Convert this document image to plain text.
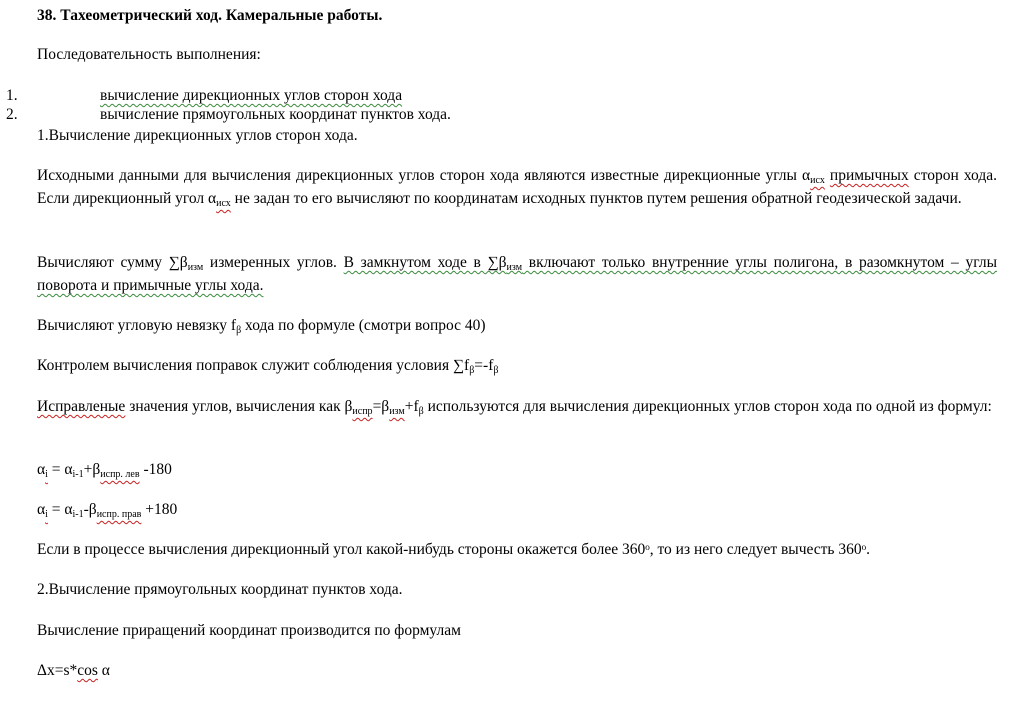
38. Тахеометрический ход. Камеральные работы.

Последовательность выполнения:

1.	вычисление дирекционных углов сторон хода
2.	вычисление прямоугольных координат пунктов хода.

1.Вычисление дирекционных углов сторон хода.

Исходными данными для вычисления дирекционных углов сторон хода являются известные дирекционные углы $\alpha_{исх}$ примычных сторон хода. Если дирекционный угол $\alpha_{исх}$ не задан то его вычисляют по координатам исходных пунктов путем решения обратной геодезической задачи.

Вычисляют сумму $\sum\beta_{изм}$ измеренных углов. В замкнутом ходе в $\sum\beta_{изм}$ включают только внутренние углы полигона, в разомкнутом – углы поворота и примычные углы хода.

Вычисляют угловую невязку $f_\beta$ хода по формуле (смотри вопрос 40)

Контролем вычисления поправок служит соблюдения условия $\sum f_\beta=-f_\beta$

Исправленые значения углов, вычисления как $\beta_{испр}=\beta_{изм}+f_\beta$ используются для вычисления дирекционных углов сторон хода по одной из формул:

$\alpha_i = \alpha_{i-1}+\beta_{испр. лев}$ -180

$\alpha_i = \alpha_{i-1}-\beta_{испр. прав} +180$

Если в процессе вычисления дирекционный угол какой-нибудь стороны окажется более 360ᵒ, то из него следует вычесть 360ᵒ.

2.Вычисление прямоугольных координат пунктов хода.

Вычисление приращений координат производится по формулам

Δx=s*cos α
